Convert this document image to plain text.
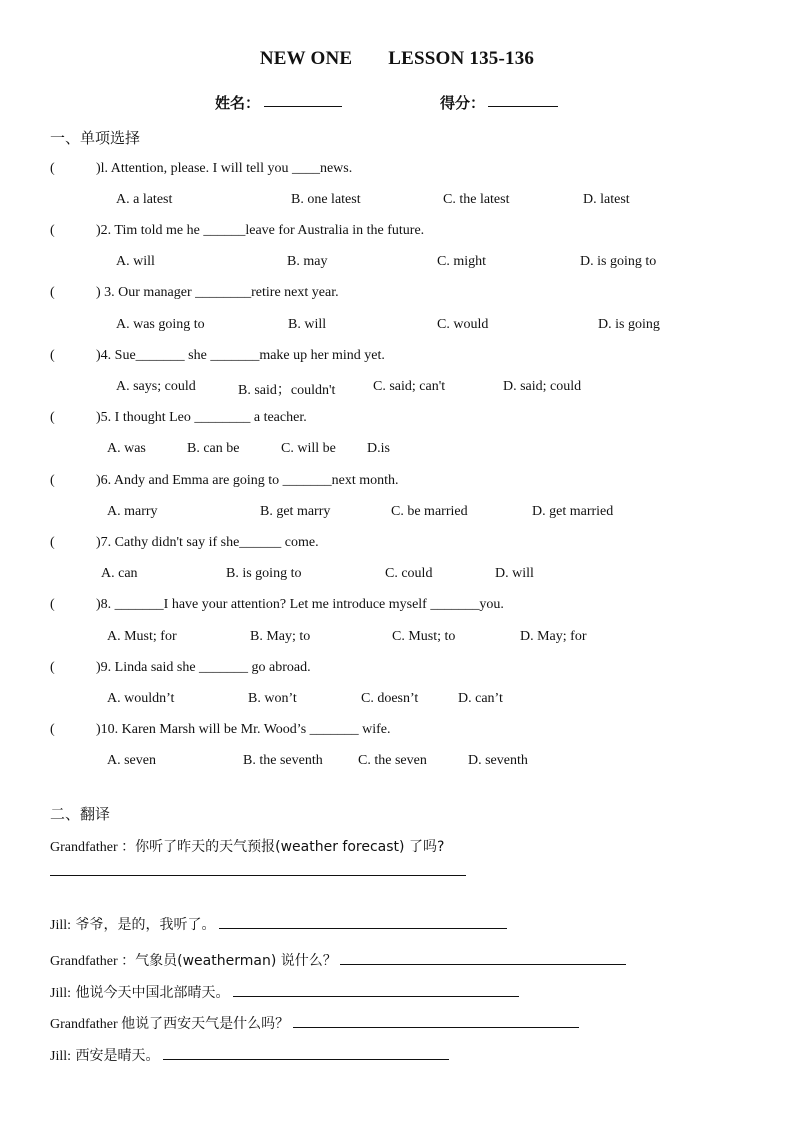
NEW ONE LESSON 135-136
姓名：	得分：
一、单项选择
(	)l. Attention, please. I will tell you ____news.
A. a latest	B. one latest	C. the latest	D. latest
(	)2. Tim told me he ______leave for Australia in the future.
A. will	B. may	C. might	D. is going to
(	) 3. Our manager ________retire next year.
A. was going to	B. will	C. would	D. is going
(	)4. Sue_______ she _______make up her mind yet.
A. says; could	B. said；couldn't	C. said; can't	D. said; could
(	)5. I thought Leo ________ a teacher.
A. was	B. can be	C. will be D.is
(	)6. Andy and Emma are going to _______next month.
A. marry	B. get marry	C. be married	D. get married
(	)7. Cathy didn't say if she______ come.
A. can	B. is going to	C. could	D. will
(	)8. _______I have your attention? Let me introduce myself _______you.
A. Must; for	B. May; to	C. Must; to	D. May; for
(	)9. Linda said she _______ go abroad.
A. wouldn’t	B. won’t	C. doesn’t	D. can’t
(	)10. Karen Marsh will be Mr. Wood’s _______ wife.
A. seven	B. the seventh	C. the seven	D. seventh
二、翻译
Grandfather ：你听了昨天的天气预报(weather forecast) 了吗?
Jill: 爷爷，是的，我听了。
Grandfather ：气象员(weatherman) 说什么？
Jill: 他说今天中国北部晴天。
Grandfather 他说了西安天气是什么吗？
Jill: 西安是晴天。
